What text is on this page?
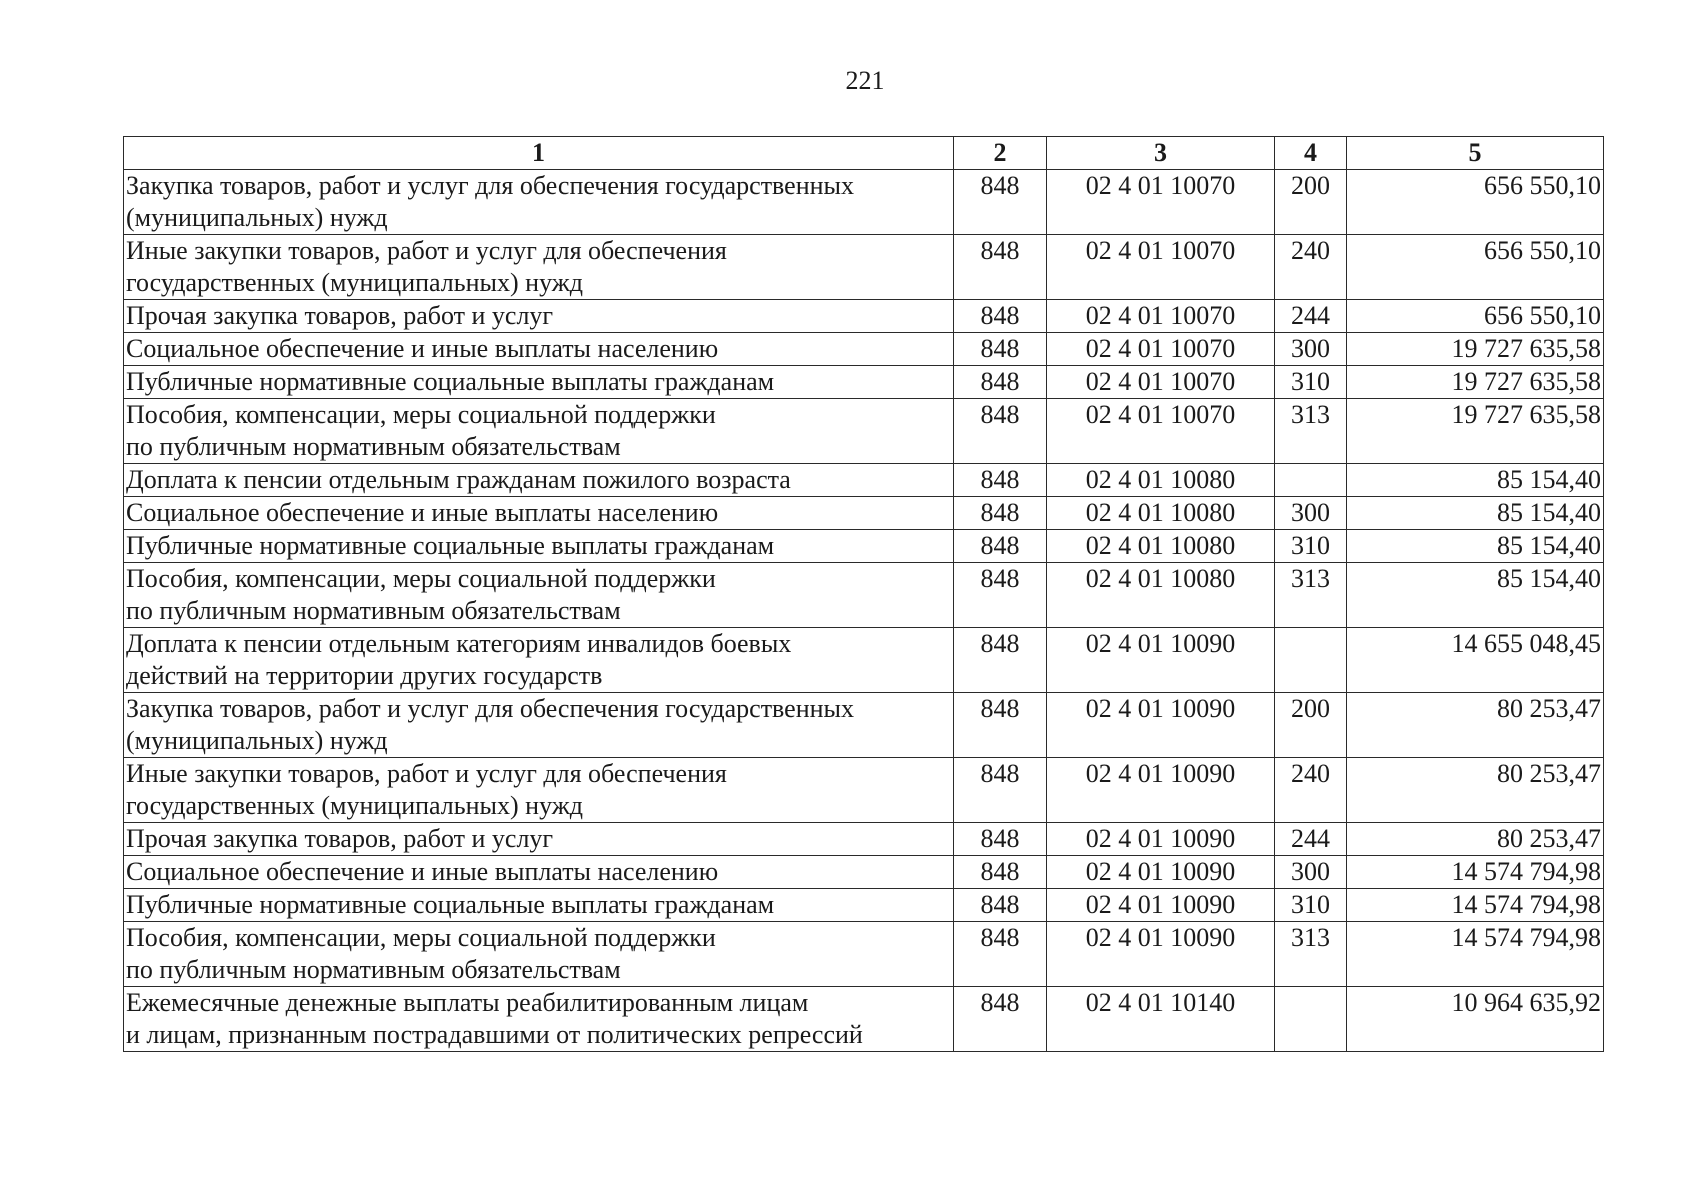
221
1	2	3	4	5
Закупка товаров, работ и услуг для обеспечения государственных
(муниципальных) нужд	848	02 4 01 10070	200	656 550,10
Иные закупки товаров, работ и услуг для обеспечения
государственных (муниципальных) нужд	848	02 4 01 10070	240	656 550,10
Прочая закупка товаров, работ и услуг	848	02 4 01 10070	244	656 550,10
Социальное обеспечение и иные выплаты населению	848	02 4 01 10070	300	19 727 635,58
Публичные нормативные социальные выплаты гражданам	848	02 4 01 10070	310	19 727 635,58
Пособия, компенсации, меры социальной поддержки
по публичным нормативным обязательствам	848	02 4 01 10070	313	19 727 635,58
Доплата к пенсии отдельным гражданам пожилого возраста	848	02 4 01 10080		85 154,40
Социальное обеспечение и иные выплаты населению	848	02 4 01 10080	300	85 154,40
Публичные нормативные социальные выплаты гражданам	848	02 4 01 10080	310	85 154,40
Пособия, компенсации, меры социальной поддержки
по публичным нормативным обязательствам	848	02 4 01 10080	313	85 154,40
Доплата к пенсии отдельным категориям инвалидов боевых
действий на территории других государств	848	02 4 01 10090		14 655 048,45
Закупка товаров, работ и услуг для обеспечения государственных
(муниципальных) нужд	848	02 4 01 10090	200	80 253,47
Иные закупки товаров, работ и услуг для обеспечения
государственных (муниципальных) нужд	848	02 4 01 10090	240	80 253,47
Прочая закупка товаров, работ и услуг	848	02 4 01 10090	244	80 253,47
Социальное обеспечение и иные выплаты населению	848	02 4 01 10090	300	14 574 794,98
Публичные нормативные социальные выплаты гражданам	848	02 4 01 10090	310	14 574 794,98
Пособия, компенсации, меры социальной поддержки
по публичным нормативным обязательствам	848	02 4 01 10090	313	14 574 794,98
Ежемесячные денежные выплаты реабилитированным лицам
и лицам, признанным пострадавшими от политических репрессий	848	02 4 01 10140		10 964 635,92
